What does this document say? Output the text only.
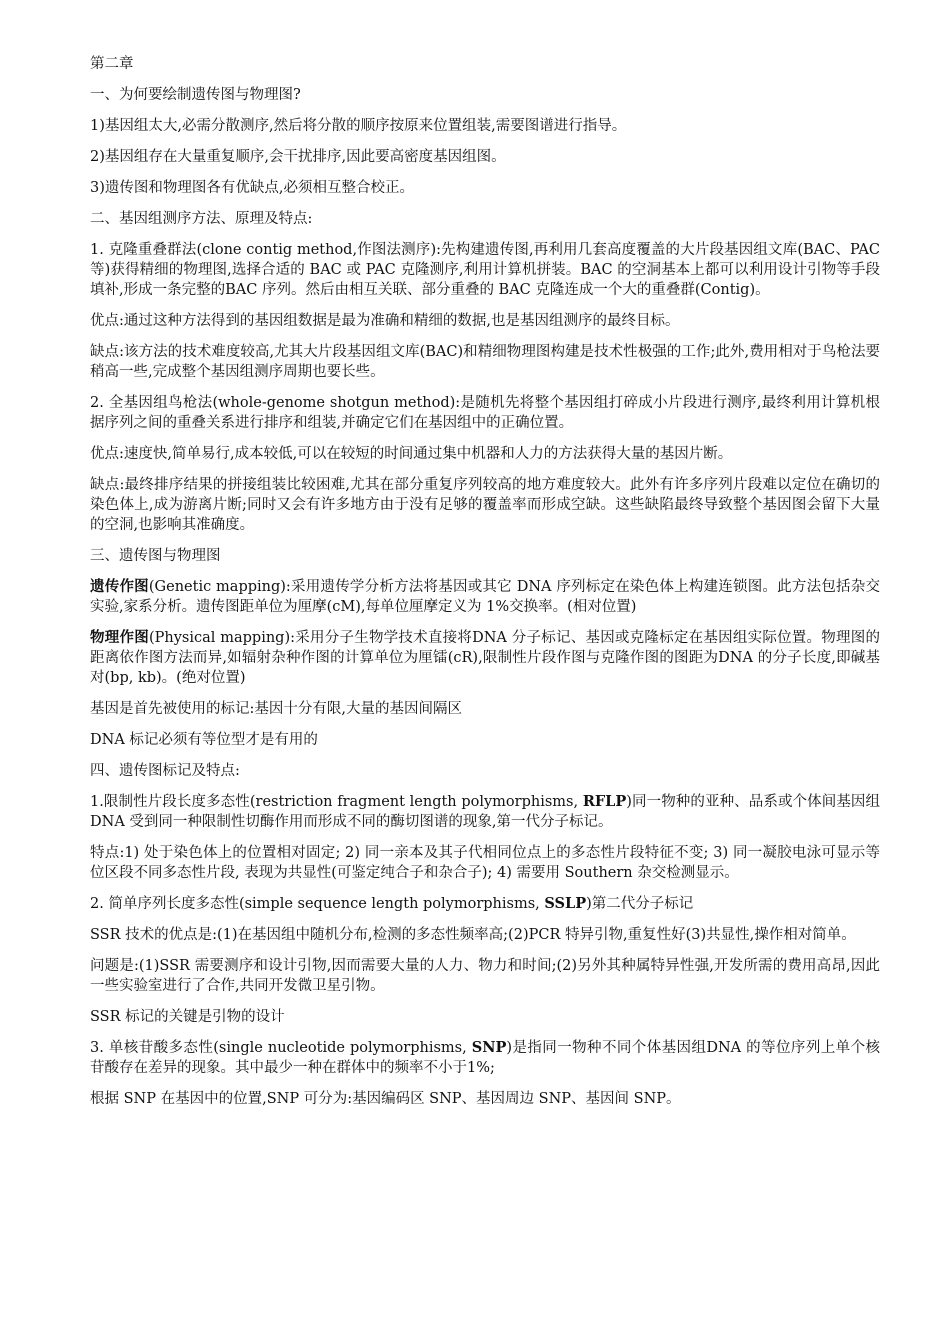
第二章

一、为何要绘制遗传图与物理图?

1)基因组太大,必需分散测序,然后将分散的顺序按原来位置组装,需要图谱进行指导。

2)基因组存在大量重复顺序,会干扰排序,因此要高密度基因组图。

3)遗传图和物理图各有优缺点,必须相互整合校正。

二、基因组测序方法、原理及特点:

1. 克隆重叠群法(clone contig method,作图法测序):先构建遗传图,再利用几套高度覆盖的大片段基因组文库(BAC、PAC 等)获得精细的物理图,选择合适的 BAC 或 PAC 克隆测序,利用计算机拼装。BAC 的空洞基本上都可以利用设计引物等手段填补,形成一条完整的BAC 序列。然后由相互关联、部分重叠的 BAC 克隆连成一个大的重叠群(Contig)。

优点:通过这种方法得到的基因组数据是最为准确和精细的数据,也是基因组测序的最终目标。

缺点:该方法的技术难度较高,尤其大片段基因组文库(BAC)和精细物理图构建是技术性极强的工作;此外,费用相对于鸟枪法要稍高一些,完成整个基因组测序周期也要长些。

2. 全基因组鸟枪法(whole-genome shotgun method):是随机先将整个基因组打碎成小片段进行测序,最终利用计算机根据序列之间的重叠关系进行排序和组装,并确定它们在基因组中的正确位置。

优点:速度快,简单易行,成本较低,可以在较短的时间通过集中机器和人力的方法获得大量的基因片断。

缺点:最终排序结果的拼接组装比较困难,尤其在部分重复序列较高的地方难度较大。此外有许多序列片段难以定位在确切的染色体上,成为游离片断;同时又会有许多地方由于没有足够的覆盖率而形成空缺。这些缺陷最终导致整个基因图会留下大量的空洞,也影响其准确度。

三、遗传图与物理图

遗传作图(Genetic mapping):采用遗传学分析方法将基因或其它 DNA 序列标定在染色体上构建连锁图。此方法包括杂交实验,家系分析。遗传图距单位为厘摩(cM),每单位厘摩定义为 1%交换率。(相对位置)

物理作图(Physical mapping):采用分子生物学技术直接将DNA 分子标记、基因或克隆标定在基因组实际位置。物理图的距离依作图方法而异,如辐射杂种作图的计算单位为厘镭(cR),限制性片段作图与克隆作图的图距为DNA 的分子长度,即碱基对(bp, kb)。(绝对位置)

基因是首先被使用的标记:基因十分有限,大量的基因间隔区

DNA 标记必须有等位型才是有用的

四、遗传图标记及特点:

1.限制性片段长度多态性(restriction fragment length polymorphisms, RFLP)同一物种的亚种、品系或个体间基因组DNA 受到同一种限制性切酶作用而形成不同的酶切图谱的现象,第一代分子标记。

特点:1) 处于染色体上的位置相对固定; 2) 同一亲本及其子代相同位点上的多态性片段特征不变; 3) 同一凝胶电泳可显示等位区段不同多态性片段, 表现为共显性(可鉴定纯合子和杂合子); 4) 需要用 Southern 杂交检测显示。

2. 简单序列长度多态性(simple sequence length polymorphisms, SSLP)第二代分子标记

SSR 技术的优点是:(1)在基因组中随机分布,检测的多态性频率高;(2)PCR 特异引物,重复性好(3)共显性,操作相对简单。

问题是:(1)SSR 需要测序和设计引物,因而需要大量的人力、物力和时间;(2)另外其种属特异性强,开发所需的费用高昂,因此一些实验室进行了合作,共同开发微卫星引物。

SSR 标记的关键是引物的设计

3. 单核苷酸多态性(single nucleotide polymorphisms, SNP)是指同一物种不同个体基因组DNA 的等位序列上单个核苷酸存在差异的现象。其中最少一种在群体中的频率不小于1%;

根据 SNP 在基因中的位置,SNP 可分为:基因编码区 SNP、基因周边 SNP、基因间 SNP。
